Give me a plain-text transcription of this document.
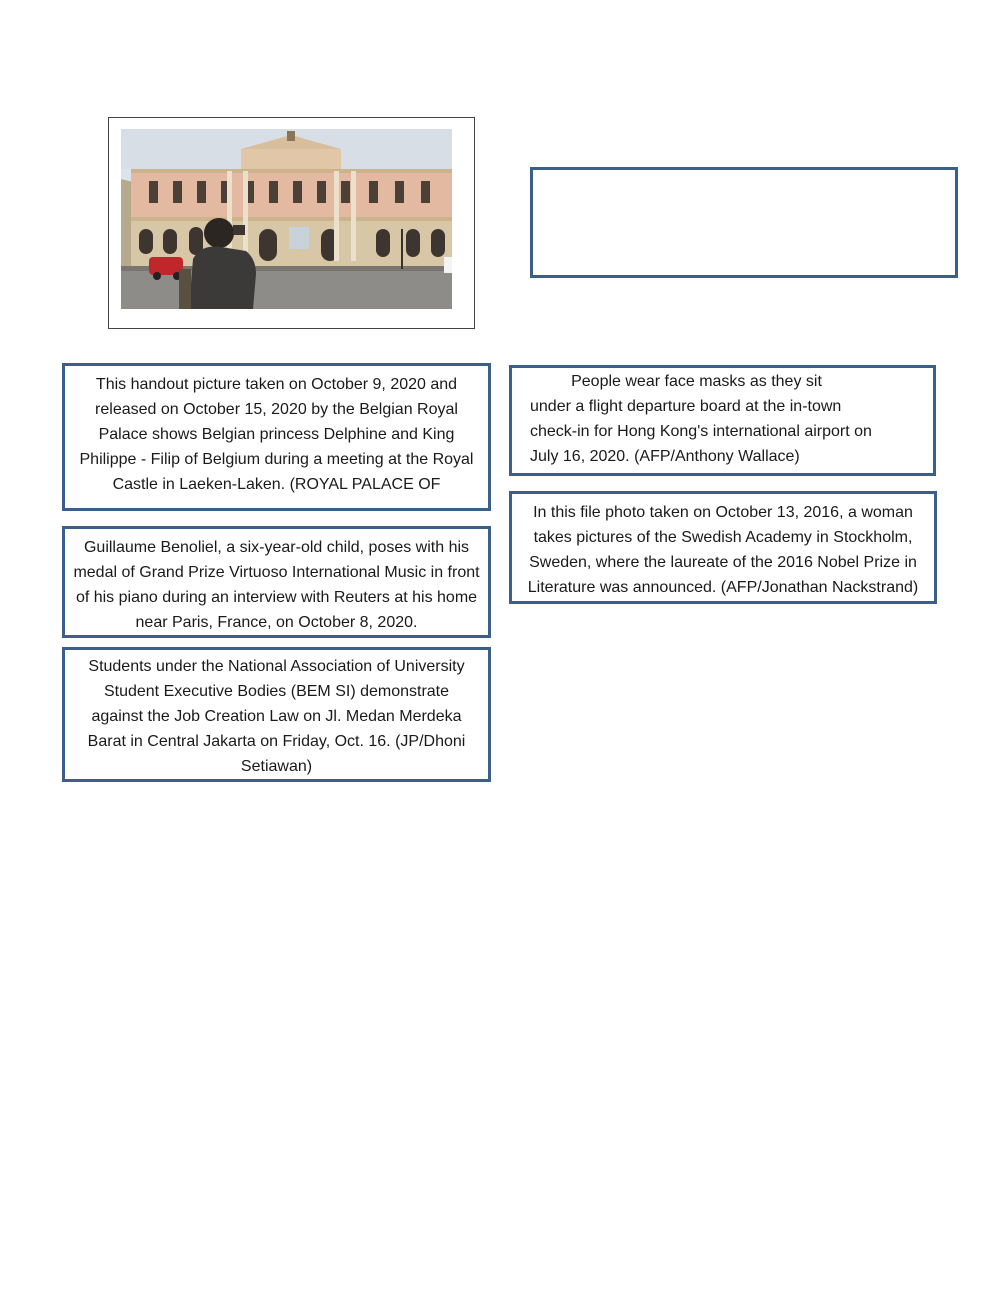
This handout picture taken on October 9, 2020 and released on October 15, 2020 by the Belgian Royal Palace shows Belgian princess Delphine and King Philippe - Filip of Belgium during a meeting at the Royal Castle in Laeken-Laken. (ROYAL PALACE OF
People wear face masks as they sit
under a flight departure board at the in-town check-in for Hong Kong's international airport on July 16, 2020. (AFP/Anthony Wallace)
In this file photo taken on October 13, 2016, a woman takes pictures of the Swedish Academy in Stockholm, Sweden, where the laureate of the 2016 Nobel Prize in Literature was announced. (AFP/Jonathan Nackstrand)
Guillaume Benoliel, a six-year-old child, poses with his medal of Grand Prize Virtuoso International Music in front of his piano during an interview with Reuters at his home near Paris, France, on October 8, 2020.
Students under the National Association of University Student Executive Bodies (BEM SI) demonstrate against the Job Creation Law on Jl. Medan Merdeka Barat in Central Jakarta on Friday, Oct. 16. (JP/Dhoni Setiawan)
